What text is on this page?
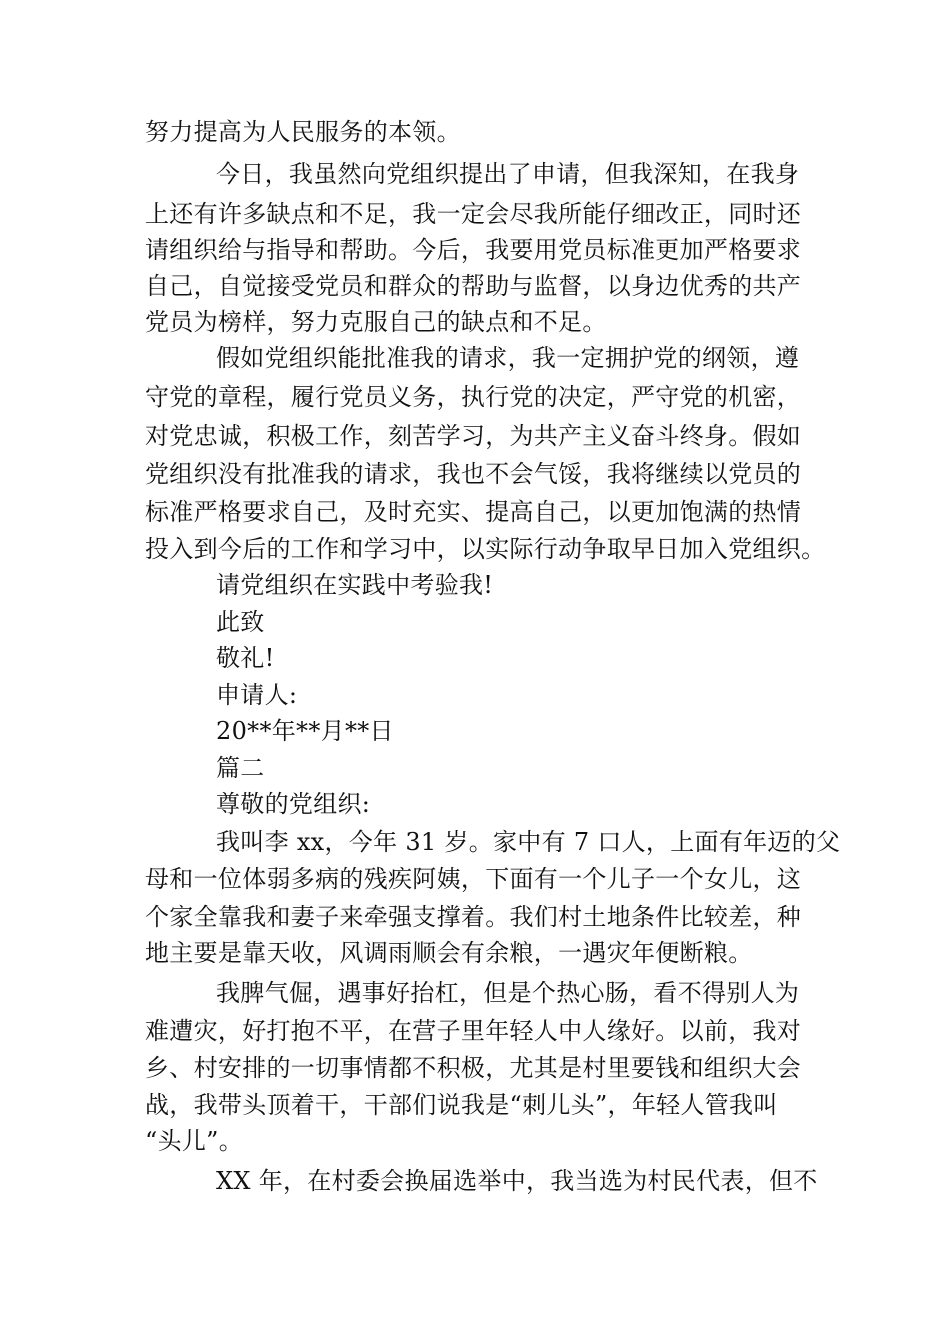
努力提高为人民服务的本领。
今日，我虽然向党组织提出了申请，但我深知，在我身
上还有许多缺点和不足，我一定会尽我所能仔细改正，同时还
请组织给与指导和帮助。今后，我要用党员标准更加严格要求
自己，自觉接受党员和群众的帮助与监督，以身边优秀的共产
党员为榜样，努力克服自己的缺点和不足。
假如党组织能批准我的请求，我一定拥护党的纲领，遵
守党的章程，履行党员义务，执行党的决定，严守党的机密，
对党忠诚，积极工作，刻苦学习，为共产主义奋斗终身。假如
党组织没有批准我的请求，我也不会气馁，我将继续以党员的
标准严格要求自己，及时充实、提高自己，以更加饱满的热情
投入到今后的工作和学习中，以实际行动争取早日加入党组织。
请党组织在实践中考验我!
此致
敬礼!
申请人:
20**年**月**日
篇二
尊敬的党组织:
我叫李 xx，今年 31 岁。家中有 7 口人，上面有年迈的父
母和一位体弱多病的残疾阿姨，下面有一个儿子一个女儿，这
个家全靠我和妻子来牵强支撑着。我们村土地条件比较差，种
地主要是靠天收，风调雨顺会有余粮，一遇灾年便断粮。
我脾气倔，遇事好抬杠，但是个热心肠，看不得别人为
难遭灾，好打抱不平，在营子里年轻人中人缘好。以前，我对
乡、村安排的一切事情都不积极，尤其是村里要钱和组织大会
战，我带头顶着干，干部们说我是“刺儿头”，年轻人管我叫
“头儿”。
XX 年，在村委会换届选举中，我当选为村民代表，但不
